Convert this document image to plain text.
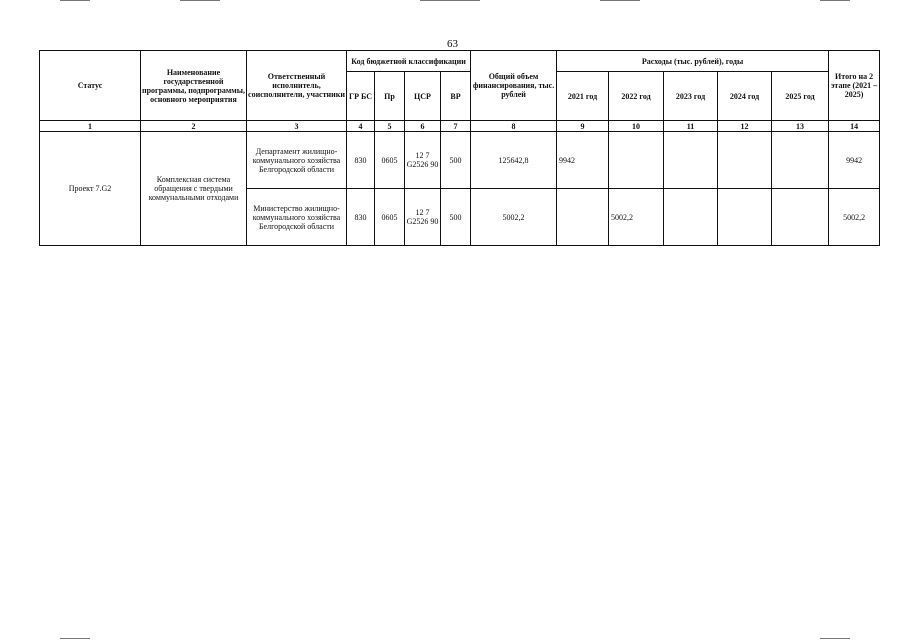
63
Статус	Наименование государственной программы, подпрограммы, основного мероприятия	Ответственный исполнитель, соисполнители, участники	Код бюджетной классификации				Общий объем финансирования, тыс. рублей	Расходы (тыс. рублей), годы					Итого на 2 этапе (2021 – 2025)
			ГР БС	Пр	ЦСР	ВР		2021 год	2022 год	2023 год	2024 год	2025 год	
1	2	3	4	5	6	7	8	9	10	11	12	13	14
Проект 7.G2	Комплексная система обращения с твердыми коммунальными отходами	Департамент жилищно-коммунального хозяйства Белгородской области	830	0605	12 7 G2526 90	500	125642,8	9942					9942
		Министерство жилищно-коммунального хозяйства Белгородской области	830	0605	12 7 G2526 90	500	5002,2		5002,2				5002,2
